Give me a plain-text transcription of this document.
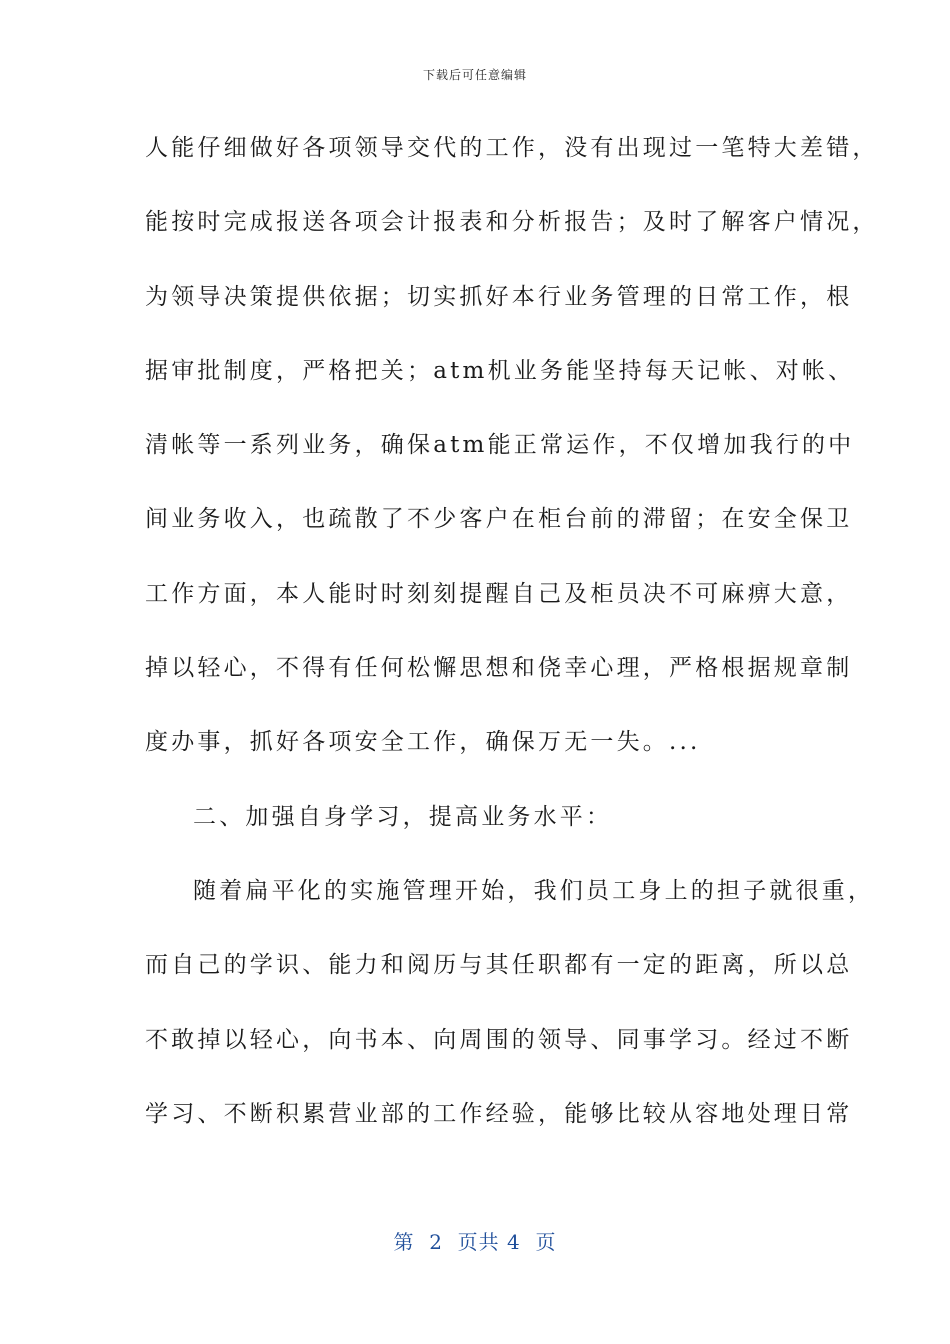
下载后可任意编辑
人能仔细做好各项领导交代的工作，没有出现过一笔特大差错，
能按时完成报送各项会计报表和分析报告；及时了解客户情况，
为领导决策提供依据；切实抓好本行业务管理的日常工作，根
据审批制度，严格把关；atm机业务能坚持每天记帐、对帐、
清帐等一系列业务，确保atm能正常运作，不仅增加我行的中
间业务收入，也疏散了不少客户在柜台前的滞留；在安全保卫
工作方面，本人能时时刻刻提醒自己及柜员决不可麻痹大意，
掉以轻心，不得有任何松懈思想和侥幸心理，严格根据规章制
度办事，抓好各项安全工作，确保万无一失。...
二、加强自身学习，提高业务水平：
随着扁平化的实施管理开始，我们员工身上的担子就很重，
而自己的学识、能力和阅历与其任职都有一定的距离，所以总
不敢掉以轻心，向书本、向周围的领导、同事学习。经过不断
学习、不断积累营业部的工作经验，能够比较从容地处理日常
第  2  页共 4  页
